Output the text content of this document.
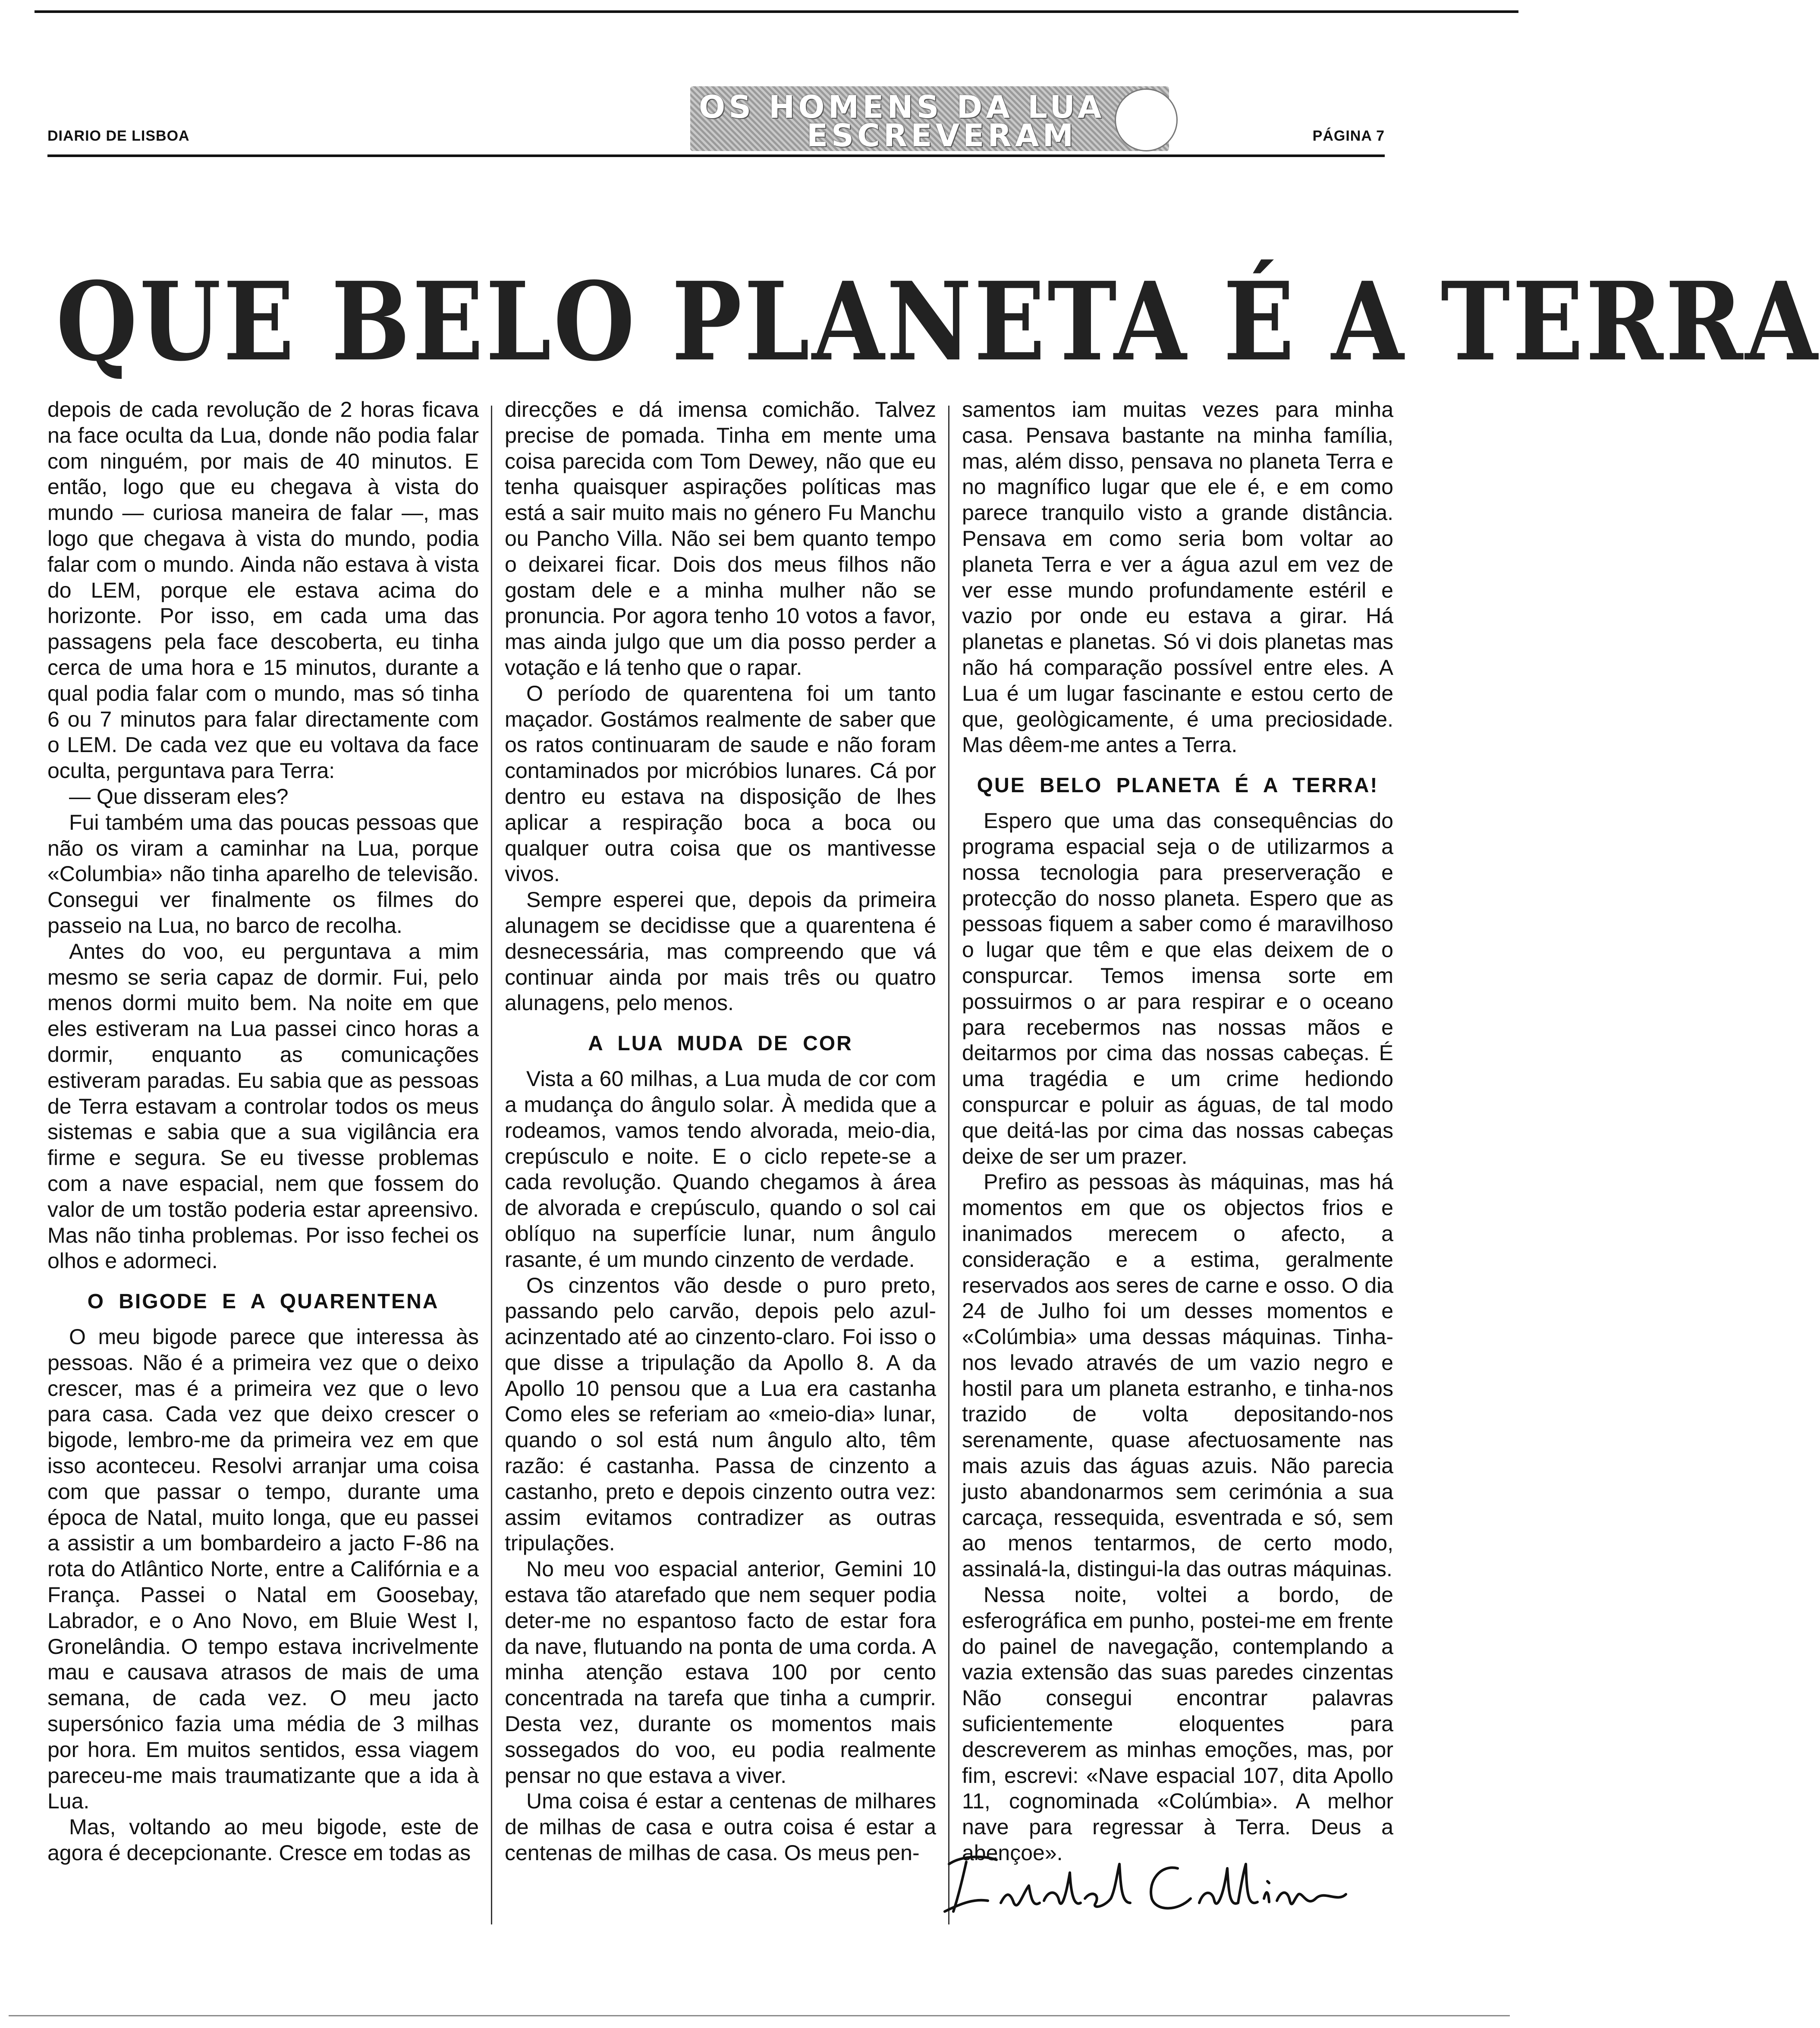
DIARIO DE LISBOA
OS HOMENS DA LUA
ESCREVERAM	PÁGINA 7
QUE BELO PLANETA É A TERRA

depois de cada revolução de 2 horas ficava na face oculta da Lua, donde não podia falar com ninguém, por mais de 40 minutos. E então, logo que eu chegava à vista do mundo — curiosa maneira de falar —, mas logo que chegava à vista do mundo, podia falar com o mundo. Ainda não estava à vista do LEM, porque ele estava acima do horizonte. Por isso, em cada uma das passagens pela face descoberta, eu tinha cerca de uma hora e 15 minutos, durante a qual podia falar com o mundo, mas só tinha 6 ou 7 minutos para falar directamente com o LEM. De cada vez que eu voltava da face oculta, perguntava para Terra:

— Que disseram eles?

Fui também uma das poucas pessoas que não os viram a caminhar na Lua, porque «Columbia» não tinha aparelho de televisão. Consegui ver finalmente os filmes do passeio na Lua, no barco de recolha.

Antes do voo, eu perguntava a mim mesmo se seria capaz de dormir. Fui, pelo menos dormi muito bem. Na noite em que eles estiveram na Lua passei cinco horas a dormir, enquanto as comunicações estiveram paradas. Eu sabia que as pessoas de Terra estavam a controlar todos os meus sistemas e sabia que a sua vigilância era firme e segura. Se eu tivesse problemas com a nave espacial, nem que fossem do valor de um tostão poderia estar apreensivo. Mas não tinha problemas. Por isso fechei os olhos e adormeci.

O BIGODE E A QUARENTENA

O meu bigode parece que interessa às pessoas. Não é a primeira vez que o deixo crescer, mas é a primeira vez que o levo para casa. Cada vez que deixo crescer o bigode, lembro-me da primeira vez em que isso aconteceu. Resolvi arranjar uma coisa com que passar o tempo, durante uma época de Natal, muito longa, que eu passei a assistir a um bombardeiro a jacto F-86 na rota do Atlântico Norte, entre a Califórnia e a França. Passei o Natal em Goosebay, Labrador, e o Ano Novo, em Bluie West I, Gronelândia. O tempo estava incrivelmente mau e causava atrasos de mais de uma semana, de cada vez. O meu jacto supersónico fazia uma média de 3 milhas por hora. Em muitos sentidos, essa viagem pareceu-me mais traumatizante que a ida à Lua.

Mas, voltando ao meu bigode, este de agora é decepcionante. Cresce em todas as

direcções e dá imensa comichão. Talvez precise de pomada. Tinha em mente uma coisa parecida com Tom Dewey, não que eu tenha quaisquer aspirações políticas mas está a sair muito mais no género Fu Manchu ou Pancho Villa. Não sei bem quanto tempo o deixarei ficar. Dois dos meus filhos não gostam dele e a minha mulher não se pronuncia. Por agora tenho 10 votos a favor, mas ainda julgo que um dia posso perder a votação e lá tenho que o rapar.

O período de quarentena foi um tanto maçador. Gostámos realmente de saber que os ratos continuaram de saude e não foram contaminados por micróbios lunares. Cá por dentro eu estava na disposição de lhes aplicar a respiração boca a boca ou qualquer outra coisa que os mantivesse vivos.

Sempre esperei que, depois da primeira alunagem se decidisse que a quarentena é desnecessária, mas compreendo que vá continuar ainda por mais três ou quatro alunagens, pelo menos.

A LUA MUDA DE COR

Vista a 60 milhas, a Lua muda de cor com a mudança do ângulo solar. À medida que a rodeamos, vamos tendo alvorada, meio-dia, crepúsculo e noite. E o ciclo repete-se a cada revolução. Quando chegamos à área de alvorada e crepúsculo, quando o sol cai oblíquo na superfície lunar, num ângulo rasante, é um mundo cinzento de verdade.

Os cinzentos vão desde o puro preto, passando pelo carvão, depois pelo azul-acinzentado até ao cinzento-claro. Foi isso o que disse a tripulação da Apollo 8. A da Apollo 10 pensou que a Lua era castanha Como eles se referiam ao «meio-dia» lunar, quando o sol está num ângulo alto, têm razão: é castanha. Passa de cinzento a castanho, preto e depois cinzento outra vez: assim evitamos contradizer as outras tripulações.

No meu voo espacial anterior, Gemini 10 estava tão atarefado que nem sequer podia deter-me no espantoso facto de estar fora da nave, flutuando na ponta de uma corda. A minha atenção estava 100 por cento concentrada na tarefa que tinha a cumprir. Desta vez, durante os momentos mais sossegados do voo, eu podia realmente pensar no que estava a viver.

Uma coisa é estar a centenas de milhares de milhas de casa e outra coisa é estar a centenas de milhas de casa. Os meus pen-

samentos iam muitas vezes para minha casa. Pensava bastante na minha família, mas, além disso, pensava no planeta Terra e no magnífico lugar que ele é, e em como parece tranquilo visto a grande distância. Pensava em como seria bom voltar ao planeta Terra e ver a água azul em vez de ver esse mundo profundamente estéril e vazio por onde eu estava a girar. Há planetas e planetas. Só vi dois planetas mas não há comparação possível entre eles. A Lua é um lugar fascinante e estou certo de que, geològicamente, é uma preciosidade. Mas dêem-me antes a Terra.

QUE BELO PLANETA É A TERRA!

Espero que uma das consequências do programa espacial seja o de utilizarmos a nossa tecnologia para preserveração e protecção do nosso planeta. Espero que as pessoas fiquem a saber como é maravilhoso o lugar que têm e que elas deixem de o conspurcar. Temos imensa sorte em possuirmos o ar para respirar e o oceano para recebermos nas nossas mãos e deitarmos por cima das nossas cabeças. É uma tragédia e um crime hediondo conspurcar e poluir as águas, de tal modo que deitá-las por cima das nossas cabeças deixe de ser um prazer.

Prefiro as pessoas às máquinas, mas há momentos em que os objectos frios e inanimados merecem o afecto, a consideração e a estima, geralmente reservados aos seres de carne e osso. O dia 24 de Julho foi um desses momentos e «Colúmbia» uma dessas máquinas. Tinha-nos levado através de um vazio negro e hostil para um planeta estranho, e tinha-nos trazido de volta depositando-nos serenamente, quase afectuosamente nas mais azuis das águas azuis. Não parecia justo abandonarmos sem cerimónia a sua carcaça, ressequida, esventrada e só, sem ao menos tentarmos, de certo modo, assinalá-la, distingui-la das outras máquinas.

Nessa noite, voltei a bordo, de esferográfica em punho, postei-me em frente do painel de navegação, contemplando a vazia extensão das suas paredes cinzentas Não consegui encontrar palavras suficientemente eloquentes para descreverem as minhas emoções, mas, por fim, escrevi: «Nave espacial 107, dita Apollo 11, cognominada «Colúmbia». A melhor nave para regressar à Terra. Deus a abençoe».
